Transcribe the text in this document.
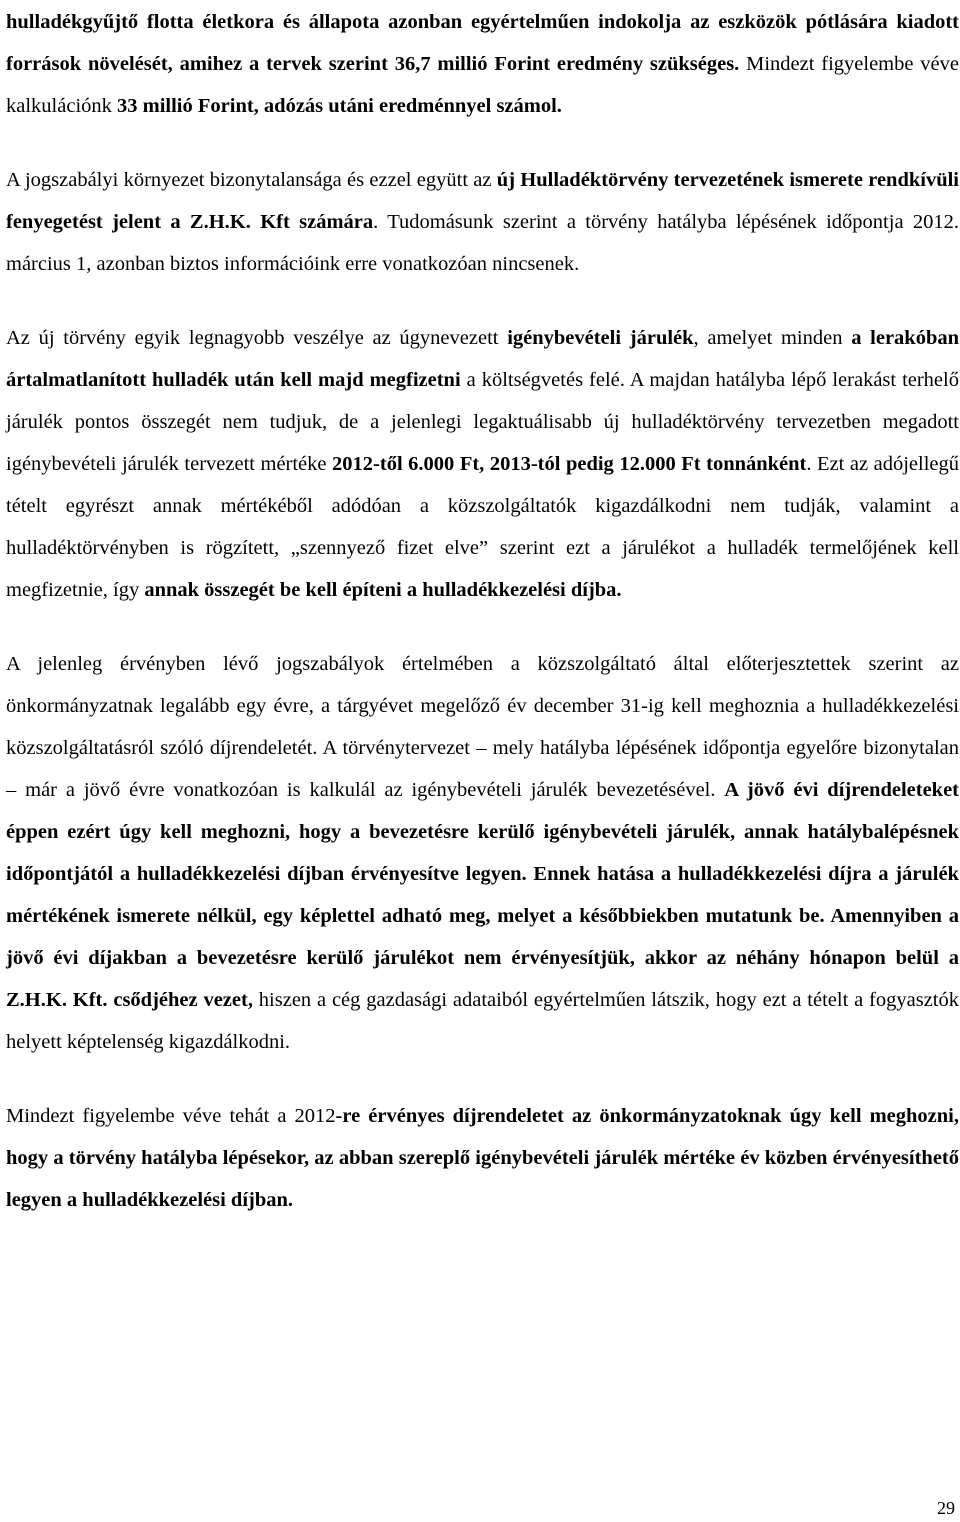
hulladékgyűjtő flotta életkora és állapota azonban egyértelműen indokolja az eszközök pótlására kiadott források növelését, amihez a tervek szerint 36,7 millió Forint eredmény szükséges. Mindezt figyelembe véve kalkulációnk 33 millió Forint, adózás utáni eredménnyel számol.

A jogszabályi környezet bizonytalansága és ezzel együtt az új Hulladéktörvény tervezetének ismerete rendkívüli fenyegetést jelent a Z.H.K. Kft számára. Tudomásunk szerint a törvény hatályba lépésének időpontja 2012. március 1, azonban biztos információink erre vonatkozóan nincsenek.

Az új törvény egyik legnagyobb veszélye az úgynevezett igénybevételi járulék, amelyet minden a lerakóban ártalmatlanított hulladék után kell majd megfizetni a költségvetés felé. A majdan hatályba lépő lerakást terhelő járulék pontos összegét nem tudjuk, de a jelenlegi legaktuálisabb új hulladéktörvény tervezetben megadott igénybevételi járulék tervezett mértéke 2012-től 6.000 Ft, 2013-tól pedig 12.000 Ft tonnánként. Ezt az adójellegű tételt egyrészt annak mértékéből adódóan a közszolgáltatók kigazdálkodni nem tudják, valamint a hulladéktörvényben is rögzített, „szennyező fizet elve” szerint ezt a járulékot a hulladék termelőjének kell megfizetnie, így annak összegét be kell építeni a hulladékkezelési díjba.

A jelenleg érvényben lévő jogszabályok értelmében a közszolgáltató által előterjesztettek szerint az önkormányzatnak legalább egy évre, a tárgyévet megelőző év december 31-ig kell meghoznia a hulladékkezelési közszolgáltatásról szóló díjrendeletét. A törvénytervezet – mely hatályba lépésének időpontja egyelőre bizonytalan – már a jövő évre vonatkozóan is kalkulál az igénybevételi járulék bevezetésével. A jövő évi díjrendeleteket éppen ezért úgy kell meghozni, hogy a bevezetésre kerülő igénybevételi járulék, annak hatálybalépésnek időpontjától a hulladékkezelési díjban érvényesítve legyen. Ennek hatása a hulladékkezelési díjra a járulék mértékének ismerete nélkül, egy képlettel adható meg, melyet a későbbiekben mutatunk be. Amennyiben a jövő évi díjakban a bevezetésre kerülő járulékot nem érvényesítjük, akkor az néhány hónapon belül a Z.H.K. Kft. csődjéhez vezet, hiszen a cég gazdasági adataiból egyértelműen látszik, hogy ezt a tételt a fogyasztók helyett képtelenség kigazdálkodni.

Mindezt figyelembe véve tehát a 2012-re érvényes díjrendeletet az önkormányzatoknak úgy kell meghozni, hogy a törvény hatályba lépésekor, az abban szereplő igénybevételi járulék mértéke év közben érvényesíthető legyen a hulladékkezelési díjban.

29
